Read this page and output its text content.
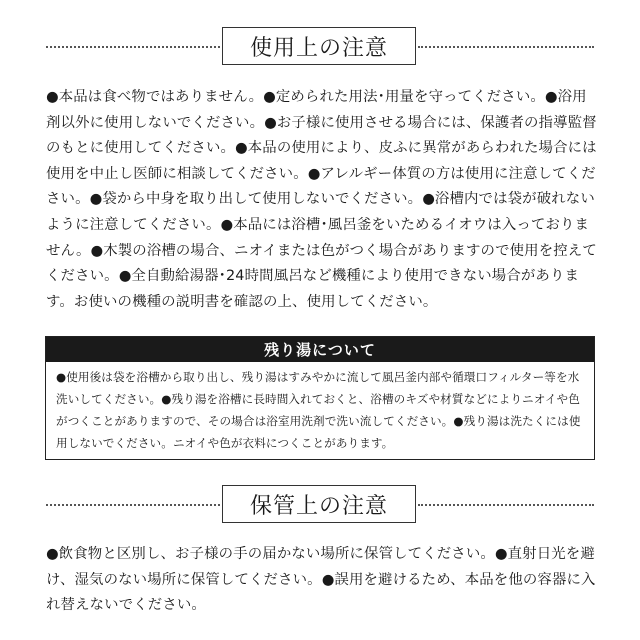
使用上の注意
●本品は食べ物ではありません。●定められた用法･用量を守ってください。●浴用剤以外に使用しないでください。●お子様に使用させる場合には、保護者の指導監督のもとに使用してください。●本品の使用により、皮ふに異常があらわれた場合には使用を中止し医師に相談してください。●アレルギー体質の方は使用に注意してください。●袋から中身を取り出して使用しないでください。●浴槽内では袋が破れないように注意してください。●本品には浴槽･風呂釜をいためるイオウは入っておりません。●木製の浴槽の場合、ニオイまたは色がつく場合がありますので使用を控えてください。●全自動給湯器･24時間風呂など機種により使用できない場合があります。お使いの機種の説明書を確認の上、使用してください。
残り湯について
●使用後は袋を浴槽から取り出し、残り湯はすみやかに流して風呂釜内部や循環口フィルター等を水洗いしてください。●残り湯を浴槽に長時間入れておくと、浴槽のキズや材質などによりニオイや色がつくことがありますので、その場合は浴室用洗剤で洗い流してください。●残り湯は洗たくには使用しないでください。ニオイや色が衣料につくことがあります。
保管上の注意
●飲食物と区別し、お子様の手の届かない場所に保管してください。●直射日光を避け、湿気のない場所に保管してください。●誤用を避けるため、本品を他の容器に入れ替えないでください。
